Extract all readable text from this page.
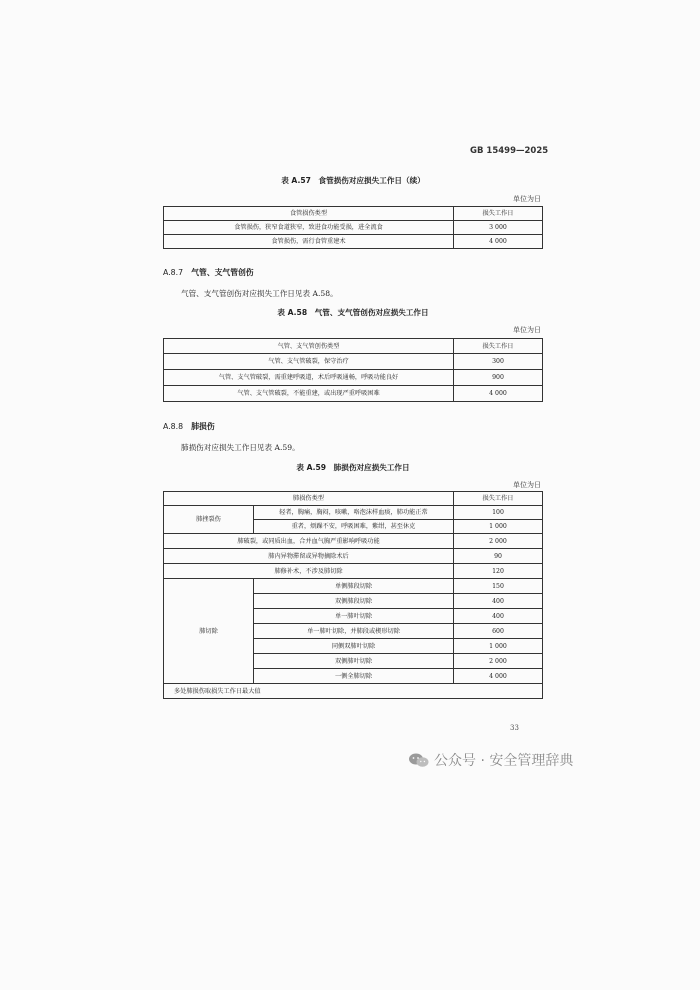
GB 15499—2025
表 A.57　食管损伤对应损失工作日（续）
单位为日
食管损伤类型	损失工作日
食管损伤，狭窄食道狭窄，致进食功能受损，进全流食	3 000
食管损伤，需行食管重建术	4 000
A.8.7 气管、支气管创伤
气管、支气管创伤对应损失工作日见表 A.58。
表 A.58　气管、支气管创伤对应损失工作日
单位为日
气管、支气管创伤类型	损失工作日
气管、支气管破裂，保守治疗	300
气管、支气管破裂，需重建呼吸道，术后呼吸通畅，呼吸功能良好	900
气管、支气管破裂，不能重建，或出现严重呼吸困难	4 000
A.8.8 肺损伤
肺损伤对应损失工作日见表 A.59。
表 A.59　肺损伤对应损失工作日
单位为日
肺损伤类型		损失工作日
肺挫裂伤	轻者，胸痛，胸闷，咳嗽，咯泡沫样血痰，肺功能正常	100
	重者，烦躁不安，呼吸困难，紫绀，甚至休克	1 000
肺破裂，或同质出血，合并血气胸严重影响呼吸功能		2 000
肺内异物滞留或异物摘除术后		90
肺修补术，不涉及肺切除		120
肺切除	单侧肺段切除	150
	双侧肺段切除	400
	单一肺叶切除	400
	单一肺叶切除，并肺段或楔形切除	600
	同侧双肺叶切除	1 000
	双侧肺叶切除	2 000
	一侧全肺切除	4 000
多处肺损伤取损失工作日最大值		
33
公众号 · 安全管理辞典
